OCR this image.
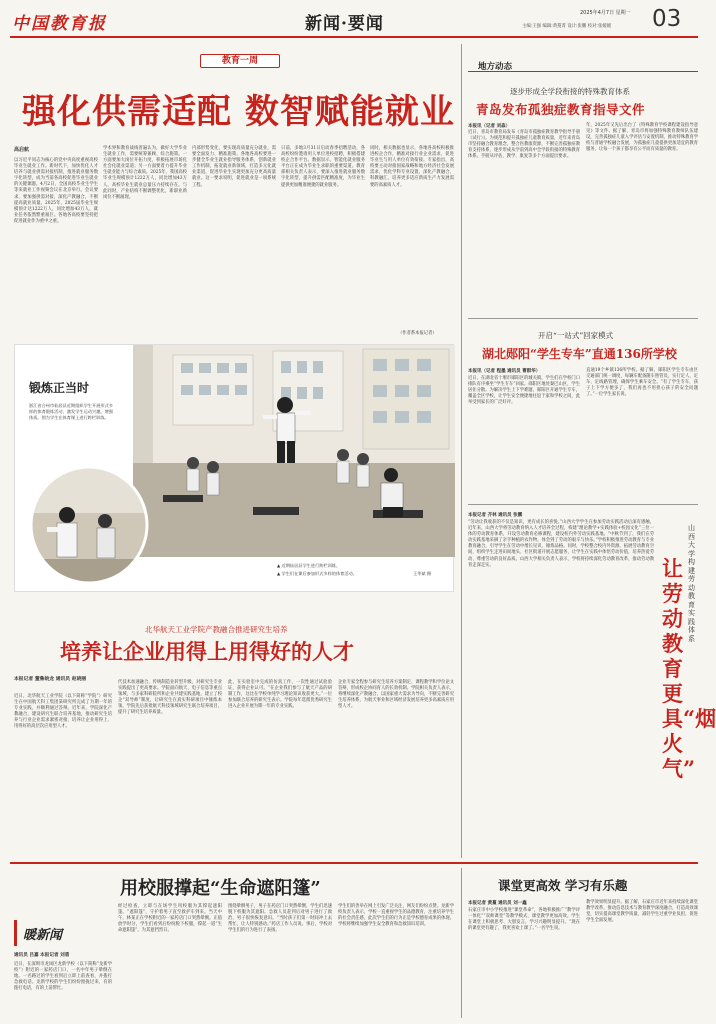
中国教育报	新闻·要闻
2025年4月7日 星期一
主编:王强 编辑:黄蔓菁 设计:张鹏 校对:张媛媛 03
教育一周
强化供需适配 数智赋能就业
高启航
以习近平同志为核心的党中央高度重视高校毕业生就业工作。新时代下，加快优化人才培养与就业供需对接机制，推进就业服务数字化转型，成为当前各高校促进毕业生就业的关键课题。4月2日，全国高校毕业生学生等来就业工作视频会议在北京举行。会议要求，要加强供需对接，深化产教融合，不断提高就业质量。2025年，2025届毕业生规模预计达1222万人，同比增加43万人，就业任务依然繁重艰巨。各地各高校要坚持把促进就业作为重中之重。
学术界和教育战线普遍认为，做好大学毕业生就业工作，需要统筹兼顾、综合施策。一方面要加大岗位开拓力度，积极拓展市场化社会化就业渠道；另一方面要着力提升毕业生就业能力与综合素质。2025年，我国高校毕业生规模预计1222万人，同比增加43万人，高校毕业生就业总量压力持续存在。与此同时，产业结构不断调整优化，新职业新岗位不断涌现。
内部形势变化，要实现高质量充分就业，需要全面发力、精准施策。各地各高校要进一步健全毕业生就业指导服务体系，创新就业工作机制，拓宽就业新领域，打造多元化就业渠道，促进毕业生实现更加充分更高质量就业。这一要求说明，促进就业是一项系统工程。
日前，多地3月31日启动春季招聘活动，各高校纷纷邀请用人单位进校招聘，积极搭建校企合作平台。数据显示，智能化就业服务平台正在成为毕业生求职的重要渠道。教育部相关负责人表示，要深入推进就业服务数字化转型，提升供需匹配精准度，为毕业生提供更加精准便捷的就业服务。
同时，相关数据也显示，各地各高校积极推进校企合作，精准对接行业企业需求，促进毕业生与用人单位有效衔接。专家指出，高校要主动对接国家战略和地方经济社会发展需求，优化学科专业设置，深化产教融合、科教融汇，培养更多适应新质生产力发展需要的高素质人才。
（作者系本报记者）
锻炼正当时
浙江省台州市仙居县近期组织学生开展形式多样的体育锻炼活动，激发学生运动兴趣，增强体质。图为学生在体育课上进行跨栏训练。
▲ 近期仙居县学生进行跨栏训练。
▲ 学生们在课后参加形式多样的体育活动。	王华斌 摄
北华航天工业学院产教融合推进研究生培养
培养让企业用得上用得好的人才
本报记者 董鲁皖龙 通讯员 赵晓丽
近日，北华航天工业学院（以下简称“学院”）研究生在中国航天科工集团某研究所完成了为期一年的专业实践，并顺利通过答辩。近年来，学院深化产教融合，建设研究生联合培养基地，推动研究生培养与行业企业需求紧密对接，培养让企业用得上、用得好的高层次应用型人才。
代技术加速融合，传统制造业转型升级，对研究生专业实践提出了更高要求。学院面向航天、电子信息等重点领域，与多家科研院所和企业共建实践基地，建立了校企“双导师”制度，让研究生在真实科研项目中锤炼本领。学院先后获批航天科技领域研究生联合培养项目，提升了研究生培养质量。
此，在实验室中完成的仿真工作，一次性通过试验验证，获得企业认可。“在企业我们参与了航天产品的研制工作，这比在学校单纯学习理论知识收获更大。”一位参加联合培养的研究生表示。学院每年选派优秀研究生进入企业开展为期一年的专业实践。
企业专家全程参与研究生培养方案制定、课程教学和学位论文答辩，形成校企协同育人的长效机制。学院相关负责人表示，将继续深化产教融合，以国家重大需求为导向，不断完善研究生培养体系，为航天事业和区域经济发展培养更多高素质应用型人才。
地方动态
逐步形成全学段衔接的特殊教育体系
青岛发布孤独症教育指导文件
本报讯（记者 刘淼）
近日，青岛市教育局发布《青岛市孤独症教育教学指导手册（试行）》。为规范和提升孤独症儿童教育质量，近年来青岛市坚持融合教育理念，整合医教康资源，不断完善孤独症教育支持体系，逐步形成从学前到高中全学段衔接的特殊教育体系。手册从评估、教学、康复等多个方面提出要求。
年，2025年又先后出台了《特殊教育学校课程建设指导意见》等文件。据了解，青岛市将加强特殊教育教师队伍建设，完善孤独症儿童入学评估与安置机制，推动特殊教育学校与普通学校融合发展，为孤独症儿童提供更加适宜的教育服务，让每一个孩子都享有公平而有质量的教育。
开启“一站式”回家模式
湖北郧阳“学生专车”直通136所学校
本报讯（记者 程墨 通讯员 曹群华）
近日，在湖北省十堰市郧阳区的城关镇，学生们在学校门口排队有序乘坐“学生专车”回家。郧阳区地处秦巴山区，学生居住分散。为解决学生上下学难题，郧阳区开通学生专车，覆盖全区学校，让学生安全便捷地往返于家和学校之间，此举受到家长的广泛好评。
直通19个乡镇136所学校。据了解，郧阳区学生专车由区交通部门统一调度，每辆车配备随车照管员，实行定人、定车、定线路管理，确保学生乘车安全。“有了学生专车，孩子上下学方便多了，我们再也不用担心孩子的安全问题了。”一位学生家长说。
本报记者 齐林 通讯员 张鹏
“劳动让我收获的不仅是知识，更有成长的喜悦。”山西大学学生在参加劳动实践活动后深有感触。近年来，山西大学将劳动教育纳入人才培养全过程，构建“理论教学+实践体验+校园文化”三位一体的劳动教育体系，开设劳动教育必修课程，建设校内外劳动实践基地。“中秋节到了，我们在劳动实践基地采摘了亲手种植的农作物，体会到了劳动的艰辛与快乐。”学校积极推进劳动教育与专业教育融合，引导学生在劳动中增长见识、锤炼品格。同时，学校整合校内外资源，拓展劳动教育空间，组织学生走进田间地头、社区街道开展志愿服务，让学生在实践中体悟劳动价值，培养热爱劳动、尊重劳动的良好品质。山西大学相关负责人表示，学校将持续深化劳动教育改革，推动劳动教育走深走实。
山西大学构建劳动教育实践体系
让劳动教育更具“烟火气”
暖新闻
用校服撑起“生命遮阳篷”
通讯员 吕嘉 本报记者 刘盾
近日，在深圳市龙岗区龙新学校（以下简称“龙新学校”）附近的一家药店门口，一名中年男子晕倒在地。一名路过的学生看到后立即上前查看，并拨打急救电话。龙新学校的学生们纷纷围拢过来，有的拨打电话，有的上前帮忙。
经过检查，立即与在场学生用校服为其撑起遮阳篷。“遮阳篷”，守护着男子直至救护车到来。当天中午，林某正在学校附近的一家药店门口突然晕倒。正值放学时分，学生们看到后纷纷脱下校服，撑起一道“生命遮阳篷”，为其遮挡烈日。
围绕晕倒男子，男子在药店门口突然晕倒，学生们迅速脱下校服为其遮阳。急救人员赶到后对男子进行了救治，男子很快恢复意识。“当时孩子们第一时间冲上去帮忙，让人特别感动。”药店工作人员说。事后，学校对学生们的行为进行了表扬。
学生们的善举在网上引发广泛关注，网友们纷纷点赞。龙新学校负责人表示，学校一直重视学生的品德教育，注重培养学生的社会责任感，此次学生们的行为正是学校德育成果的体现。学校将继续加强学生安全教育和急救知识培训。
课堂更高效 学习有乐趣
本报记者 黄蔓 通讯员 刘一鑫
石家庄市中小学校推进“课堂革命”，各地积极推广“教学评一体化”“双师课堂”等教学模式，课堂教学更加高效。学生在课堂上积极思考、大胆发言，学习兴趣明显提升。“现在的课堂更有趣了，我更喜欢上课了。”一名学生说。
教学效果明显提升。据了解，石家庄市近年来持续深化课堂教学改革，推动信息技术与教育教学深度融合，打造高效课堂，切实提高课堂教学质量，减轻学生过重学业负担，促进学生全面发展。
